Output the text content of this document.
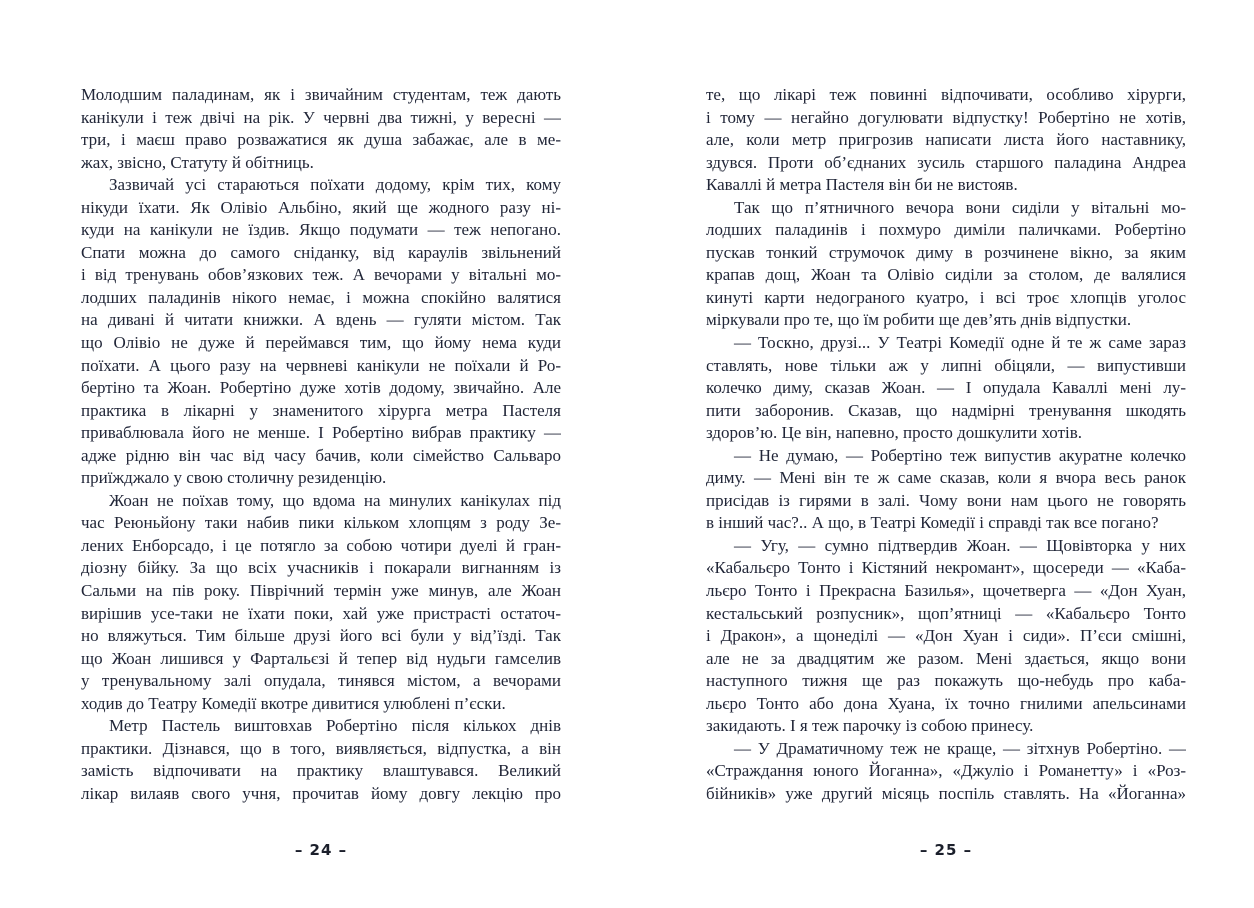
Молодшим паладинам, як і звичайним студентам, теж дають
канікули і теж двічі на рік. У червні два тижні, у вересні —
три, і маєш право розважатися як душа забажає, але в ме-
жах, звісно, Статуту й обітниць.
Зазвичай усі стараються поїхати додому, крім тих, кому
нікуди їхати. Як Олівіо Альбіно, який ще жодного разу ні-
куди на канікули не їздив. Якщо подумати — теж непогано.
Спати можна до самого сніданку, від караулів звільнений
і від тренувань обов’язкових теж. А вечорами у вітальні мо-
лодших паладинів нікого немає, і можна спокійно валятися
на дивані й читати книжки. А вдень — гуляти містом. Так
що Олівіо не дуже й переймався тим, що йому нема куди
поїхати. А цього разу на червневі канікули не поїхали й Ро-
бертіно та Жоан. Робертіно дуже хотів додому, звичайно. Але
практика в лікарні у знаменитого хірурга метра Пастеля
приваблювала його не менше. І Робертіно вибрав практику —
адже рідню він час від часу бачив, коли сімейство Сальваро
приїжджало у свою столичну резиденцію.
Жоан не поїхав тому, що вдома на минулих канікулах під
час Реюньйону таки набив пики кільком хлопцям з роду Зе-
лених Енборсадо, і це потягло за собою чотири дуелі й гран-
діозну бійку. За що всіх учасників і покарали вигнанням із
Сальми на пів року. Піврічний термін уже минув, але Жоан
вирішив усе-таки не їхати поки, хай уже пристрасті остаточ-
но вляжуться. Тим більше друзі його всі були у від’їзді. Так
що Жоан лишився у Фартальєзі й тепер від нудьги гамселив
у тренувальному залі опудала, тинявся містом, а вечорами
ходив до Театру Комедії вкотре дивитися улюблені п’єски.
Метр Пастель виштовхав Робертіно після кількох днів
практики. Дізнався, що в того, виявляється, відпустка, а він
замість відпочивати на практику влаштувався. Великий
лікар вилаяв свого учня, прочитав йому довгу лекцію про
– 24 –
те, що лікарі теж повинні відпочивати, особливо хірурги,
і тому — негайно догулювати відпустку! Робертіно не хотів,
але, коли метр пригрозив написати листа його наставнику,
здувся. Проти об’єднаних зусиль старшого паладина Андреа
Каваллі й метра Пастеля він би не вистояв.
Так що п’ятничного вечора вони сиділи у вітальні мо-
лодших паладинів і похмуро диміли паличками. Робертіно
пускав тонкий струмочок диму в розчинене вікно, за яким
крапав дощ, Жоан та Олівіо сиділи за столом, де валялися
кинуті карти недограного куатро, і всі троє хлопців уголос
міркували про те, що їм робити ще дев’ять днів відпустки.
— Тоскно, друзі... У Театрі Комедії одне й те ж саме зараз
ставлять, нове тільки аж у липні обіцяли, — випустивши
колечко диму, сказав Жоан. — І опудала Каваллі мені лу-
пити заборонив. Сказав, що надмірні тренування шкодять
здоров’ю. Це він, напевно, просто дошкулити хотів.
— Не думаю, — Робертіно теж випустив акуратне колечко
диму. — Мені він те ж саме сказав, коли я вчора весь ранок
присідав із гирями в залі. Чому вони нам цього не говорять
в інший час?.. А що, в Театрі Комедії і справді так все погано?
— Угу, — сумно підтвердив Жоан. — Щовівторка у них
«Кабальєро Тонто і Кістяний некромант», щосереди — «Каба-
льєро Тонто і Прекрасна Базилья», щочетверга — «Дон Хуан,
кестальський розпусник», щоп’ятниці — «Кабальєро Тонто
і Дракон», а щонеділі — «Дон Хуан і сиди». П’єси смішні,
але не за двадцятим же разом. Мені здається, якщо вони
наступного тижня ще раз покажуть що-небудь про каба-
льєро Тонто або дона Хуана, їх точно гнилими апельсинами
закидають. І я теж парочку із собою принесу.
— У Драматичному теж не краще, — зітхнув Робертіно. —
«Страждання юного Йоганна», «Джуліо і Романетту» і «Роз-
бійників» уже другий місяць поспіль ставлять. На «Йоганна»
– 25 –
